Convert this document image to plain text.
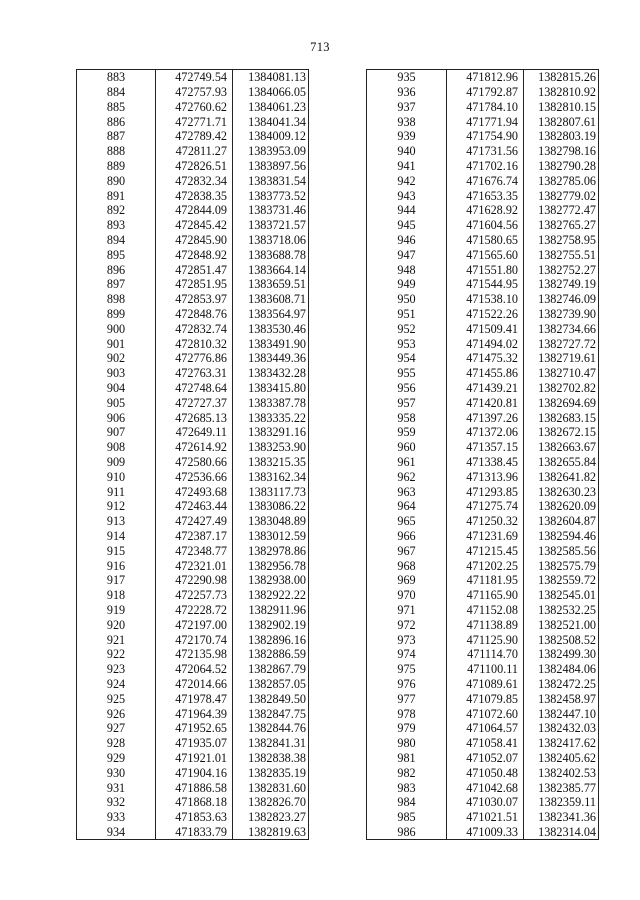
713
883	472749.54	1384081.13
884	472757.93	1384066.05
885	472760.62	1384061.23
886	472771.71	1384041.34
887	472789.42	1384009.12
888	472811.27	1383953.09
889	472826.51	1383897.56
890	472832.34	1383831.54
891	472838.35	1383773.52
892	472844.09	1383731.46
893	472845.42	1383721.57
894	472845.90	1383718.06
895	472848.92	1383688.78
896	472851.47	1383664.14
897	472851.95	1383659.51
898	472853.97	1383608.71
899	472848.76	1383564.97
900	472832.74	1383530.46
901	472810.32	1383491.90
902	472776.86	1383449.36
903	472763.31	1383432.28
904	472748.64	1383415.80
905	472727.37	1383387.78
906	472685.13	1383335.22
907	472649.11	1383291.16
908	472614.92	1383253.90
909	472580.66	1383215.35
910	472536.66	1383162.34
911	472493.68	1383117.73
912	472463.44	1383086.22
913	472427.49	1383048.89
914	472387.17	1383012.59
915	472348.77	1382978.86
916	472321.01	1382956.78
917	472290.98	1382938.00
918	472257.73	1382922.22
919	472228.72	1382911.96
920	472197.00	1382902.19
921	472170.74	1382896.16
922	472135.98	1382886.59
923	472064.52	1382867.79
924	472014.66	1382857.05
925	471978.47	1382849.50
926	471964.39	1382847.75
927	471952.65	1382844.76
928	471935.07	1382841.31
929	471921.01	1382838.38
930	471904.16	1382835.19
931	471886.58	1382831.60
932	471868.18	1382826.70
933	471853.63	1382823.27
934	471833.79	1382819.63
935	471812.96	1382815.26
936	471792.87	1382810.92
937	471784.10	1382810.15
938	471771.94	1382807.61
939	471754.90	1382803.19
940	471731.56	1382798.16
941	471702.16	1382790.28
942	471676.74	1382785.06
943	471653.35	1382779.02
944	471628.92	1382772.47
945	471604.56	1382765.27
946	471580.65	1382758.95
947	471565.60	1382755.51
948	471551.80	1382752.27
949	471544.95	1382749.19
950	471538.10	1382746.09
951	471522.26	1382739.90
952	471509.41	1382734.66
953	471494.02	1382727.72
954	471475.32	1382719.61
955	471455.86	1382710.47
956	471439.21	1382702.82
957	471420.81	1382694.69
958	471397.26	1382683.15
959	471372.06	1382672.15
960	471357.15	1382663.67
961	471338.45	1382655.84
962	471313.96	1382641.82
963	471293.85	1382630.23
964	471275.74	1382620.09
965	471250.32	1382604.87
966	471231.69	1382594.46
967	471215.45	1382585.56
968	471202.25	1382575.79
969	471181.95	1382559.72
970	471165.90	1382545.01
971	471152.08	1382532.25
972	471138.89	1382521.00
973	471125.90	1382508.52
974	471114.70	1382499.30
975	471100.11	1382484.06
976	471089.61	1382472.25
977	471079.85	1382458.97
978	471072.60	1382447.10
979	471064.57	1382432.03
980	471058.41	1382417.62
981	471052.07	1382405.62
982	471050.48	1382402.53
983	471042.68	1382385.77
984	471030.07	1382359.11
985	471021.51	1382341.36
986	471009.33	1382314.04
